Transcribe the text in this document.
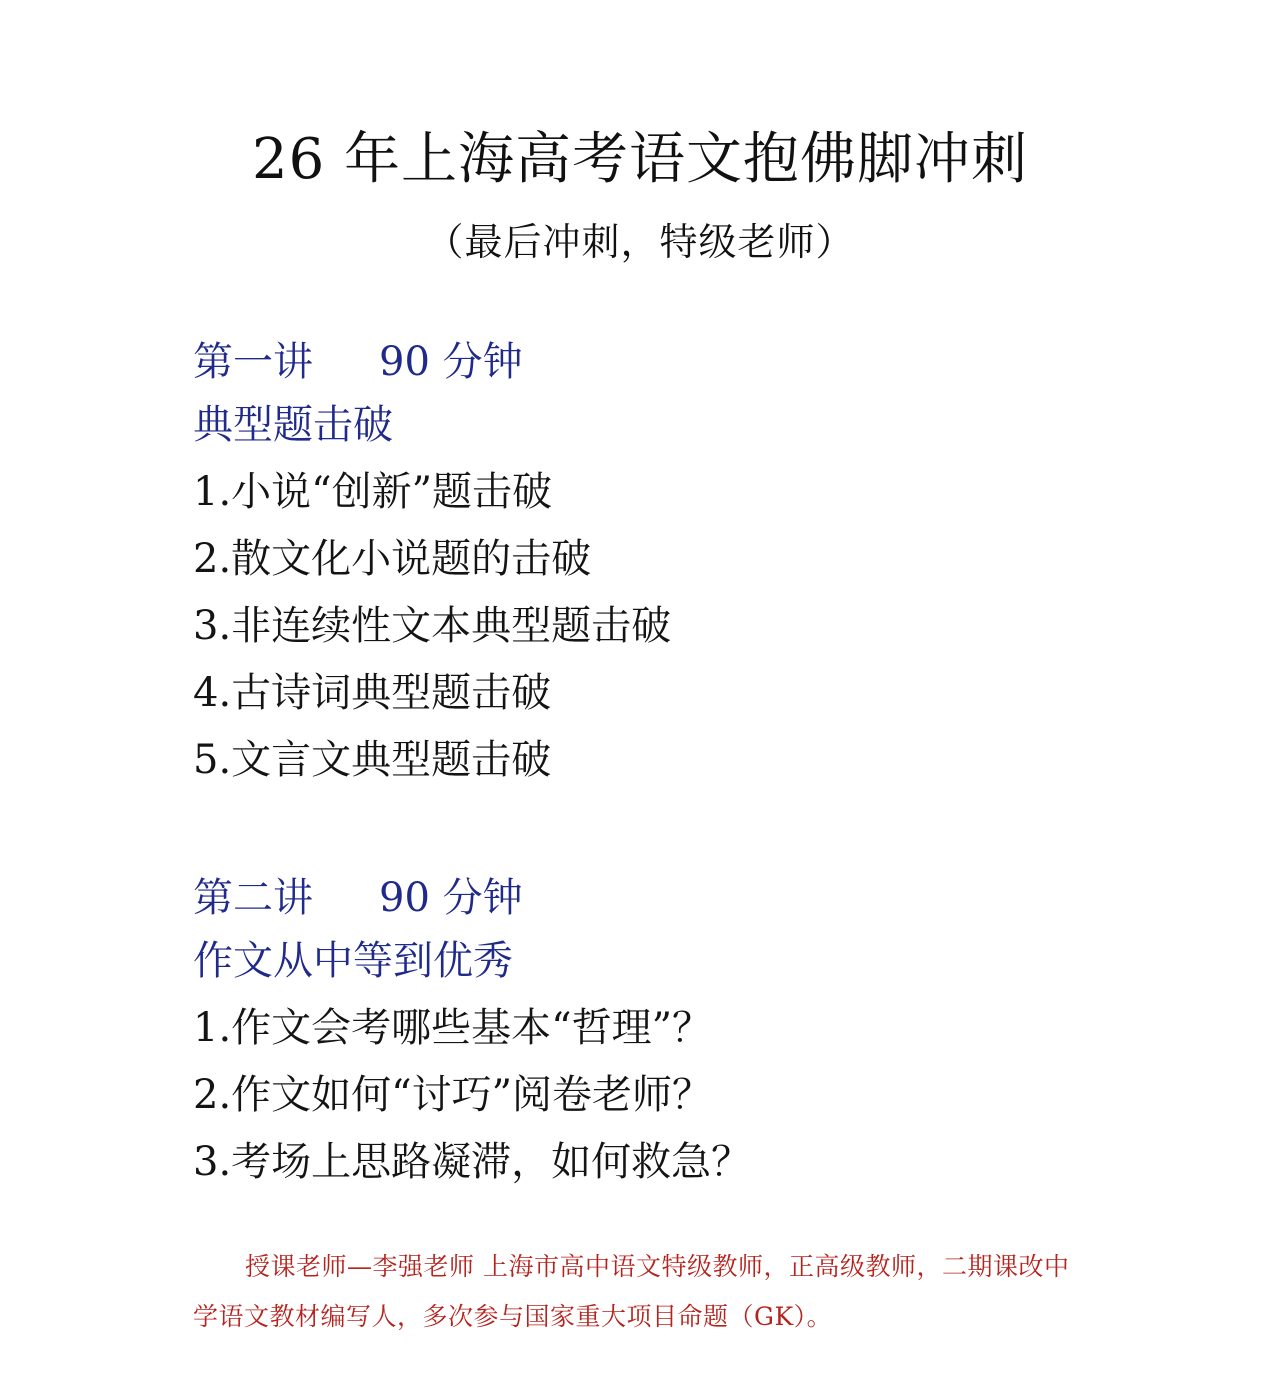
26 年上海高考语文抱佛脚冲刺
（最后冲刺，特级老师）
第一讲 90 分钟
典型题击破
1.小说“创新”题击破
2.散文化小说题的击破
3.非连续性文本典型题击破
4.古诗词典型题击破
5.文言文典型题击破
第二讲 90 分钟
作文从中等到优秀
1.作文会考哪些基本“哲理”？
2.作文如何“讨巧”阅卷老师？
3.考场上思路凝滞，如何救急？
授课老师—李强老师 上海市高中语文特级教师，正高级教师，二期课改中
学语文教材编写人，多次参与国家重大项目命题（GK）。
